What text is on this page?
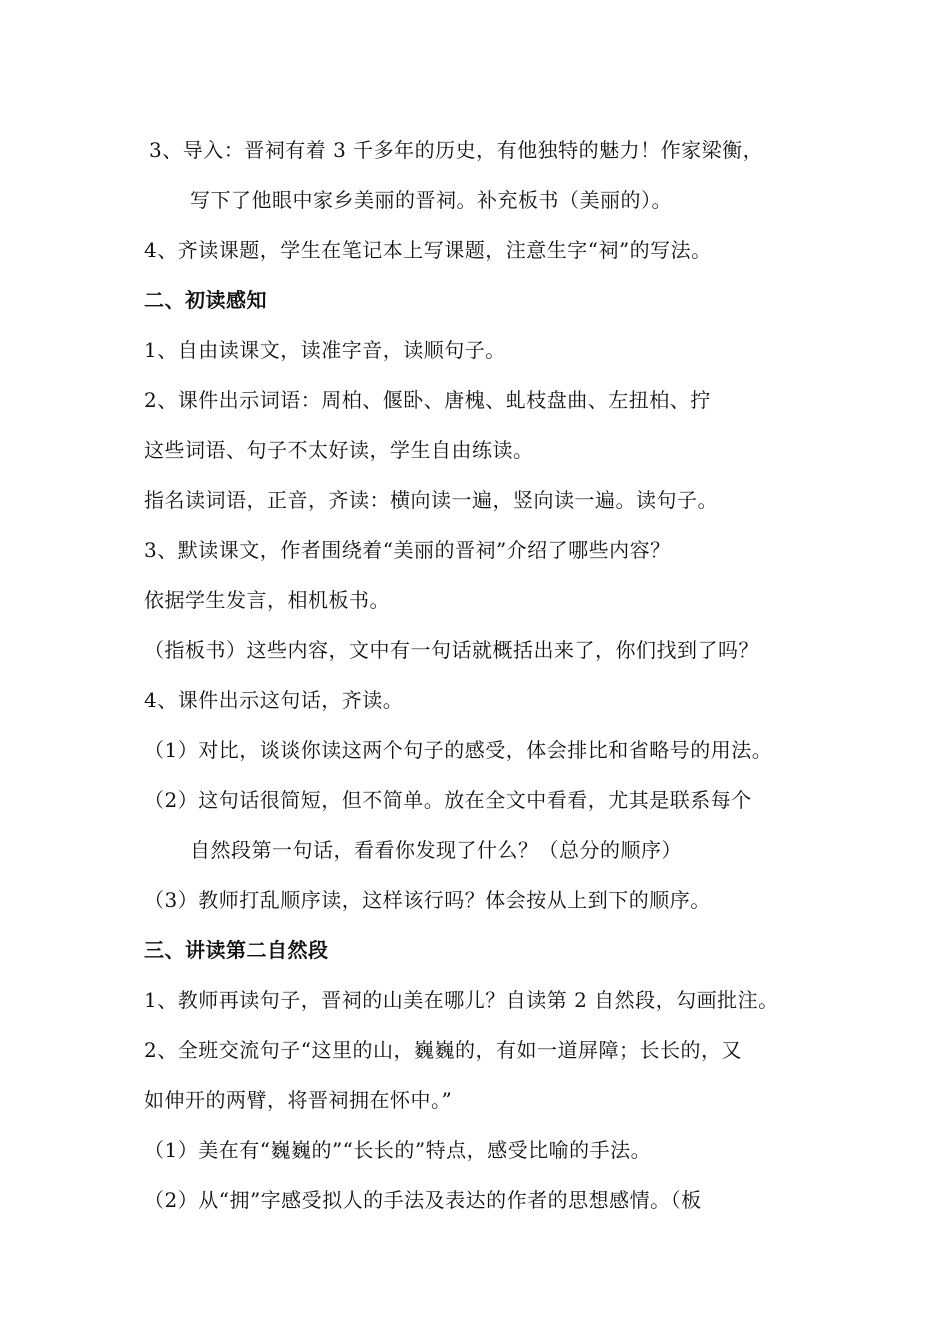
3、导入：晋祠有着 3 千多年的历史，有他独特的魅力！作家梁衡，
写下了他眼中家乡美丽的晋祠。补充板书（美丽的）。
4、齐读课题，学生在笔记本上写课题，注意生字“祠”的写法。
二、初读感知
1、自由读课文，读准字音，读顺句子。
2、课件出示词语：周柏、偃卧、唐槐、虬枝盘曲、左扭柏、拧
这些词语、句子不太好读，学生自由练读。
指名读词语，正音，齐读：横向读一遍，竖向读一遍。读句子。
3、默读课文，作者围绕着“美丽的晋祠”介绍了哪些内容？
依据学生发言，相机板书。
（指板书）这些内容，文中有一句话就概括出来了，你们找到了吗？
4、课件出示这句话，齐读。
（1）对比，谈谈你读这两个句子的感受，体会排比和省略号的用法。
（2）这句话很简短，但不简单。放在全文中看看，尤其是联系每个
自然段第一句话，看看你发现了什么？（总分的顺序）
（3）教师打乱顺序读，这样该行吗？体会按从上到下的顺序。
三、讲读第二自然段
1、教师再读句子，晋祠的山美在哪儿？自读第 2 自然段，勾画批注。
2、全班交流句子“这里的山，巍巍的，有如一道屏障；长长的，又
如伸开的两臂，将晋祠拥在怀中。”
（1）美在有“巍巍的”“长长的”特点，感受比喻的手法。
（2）从“拥”字感受拟人的手法及表达的作者的思想感情。（板
